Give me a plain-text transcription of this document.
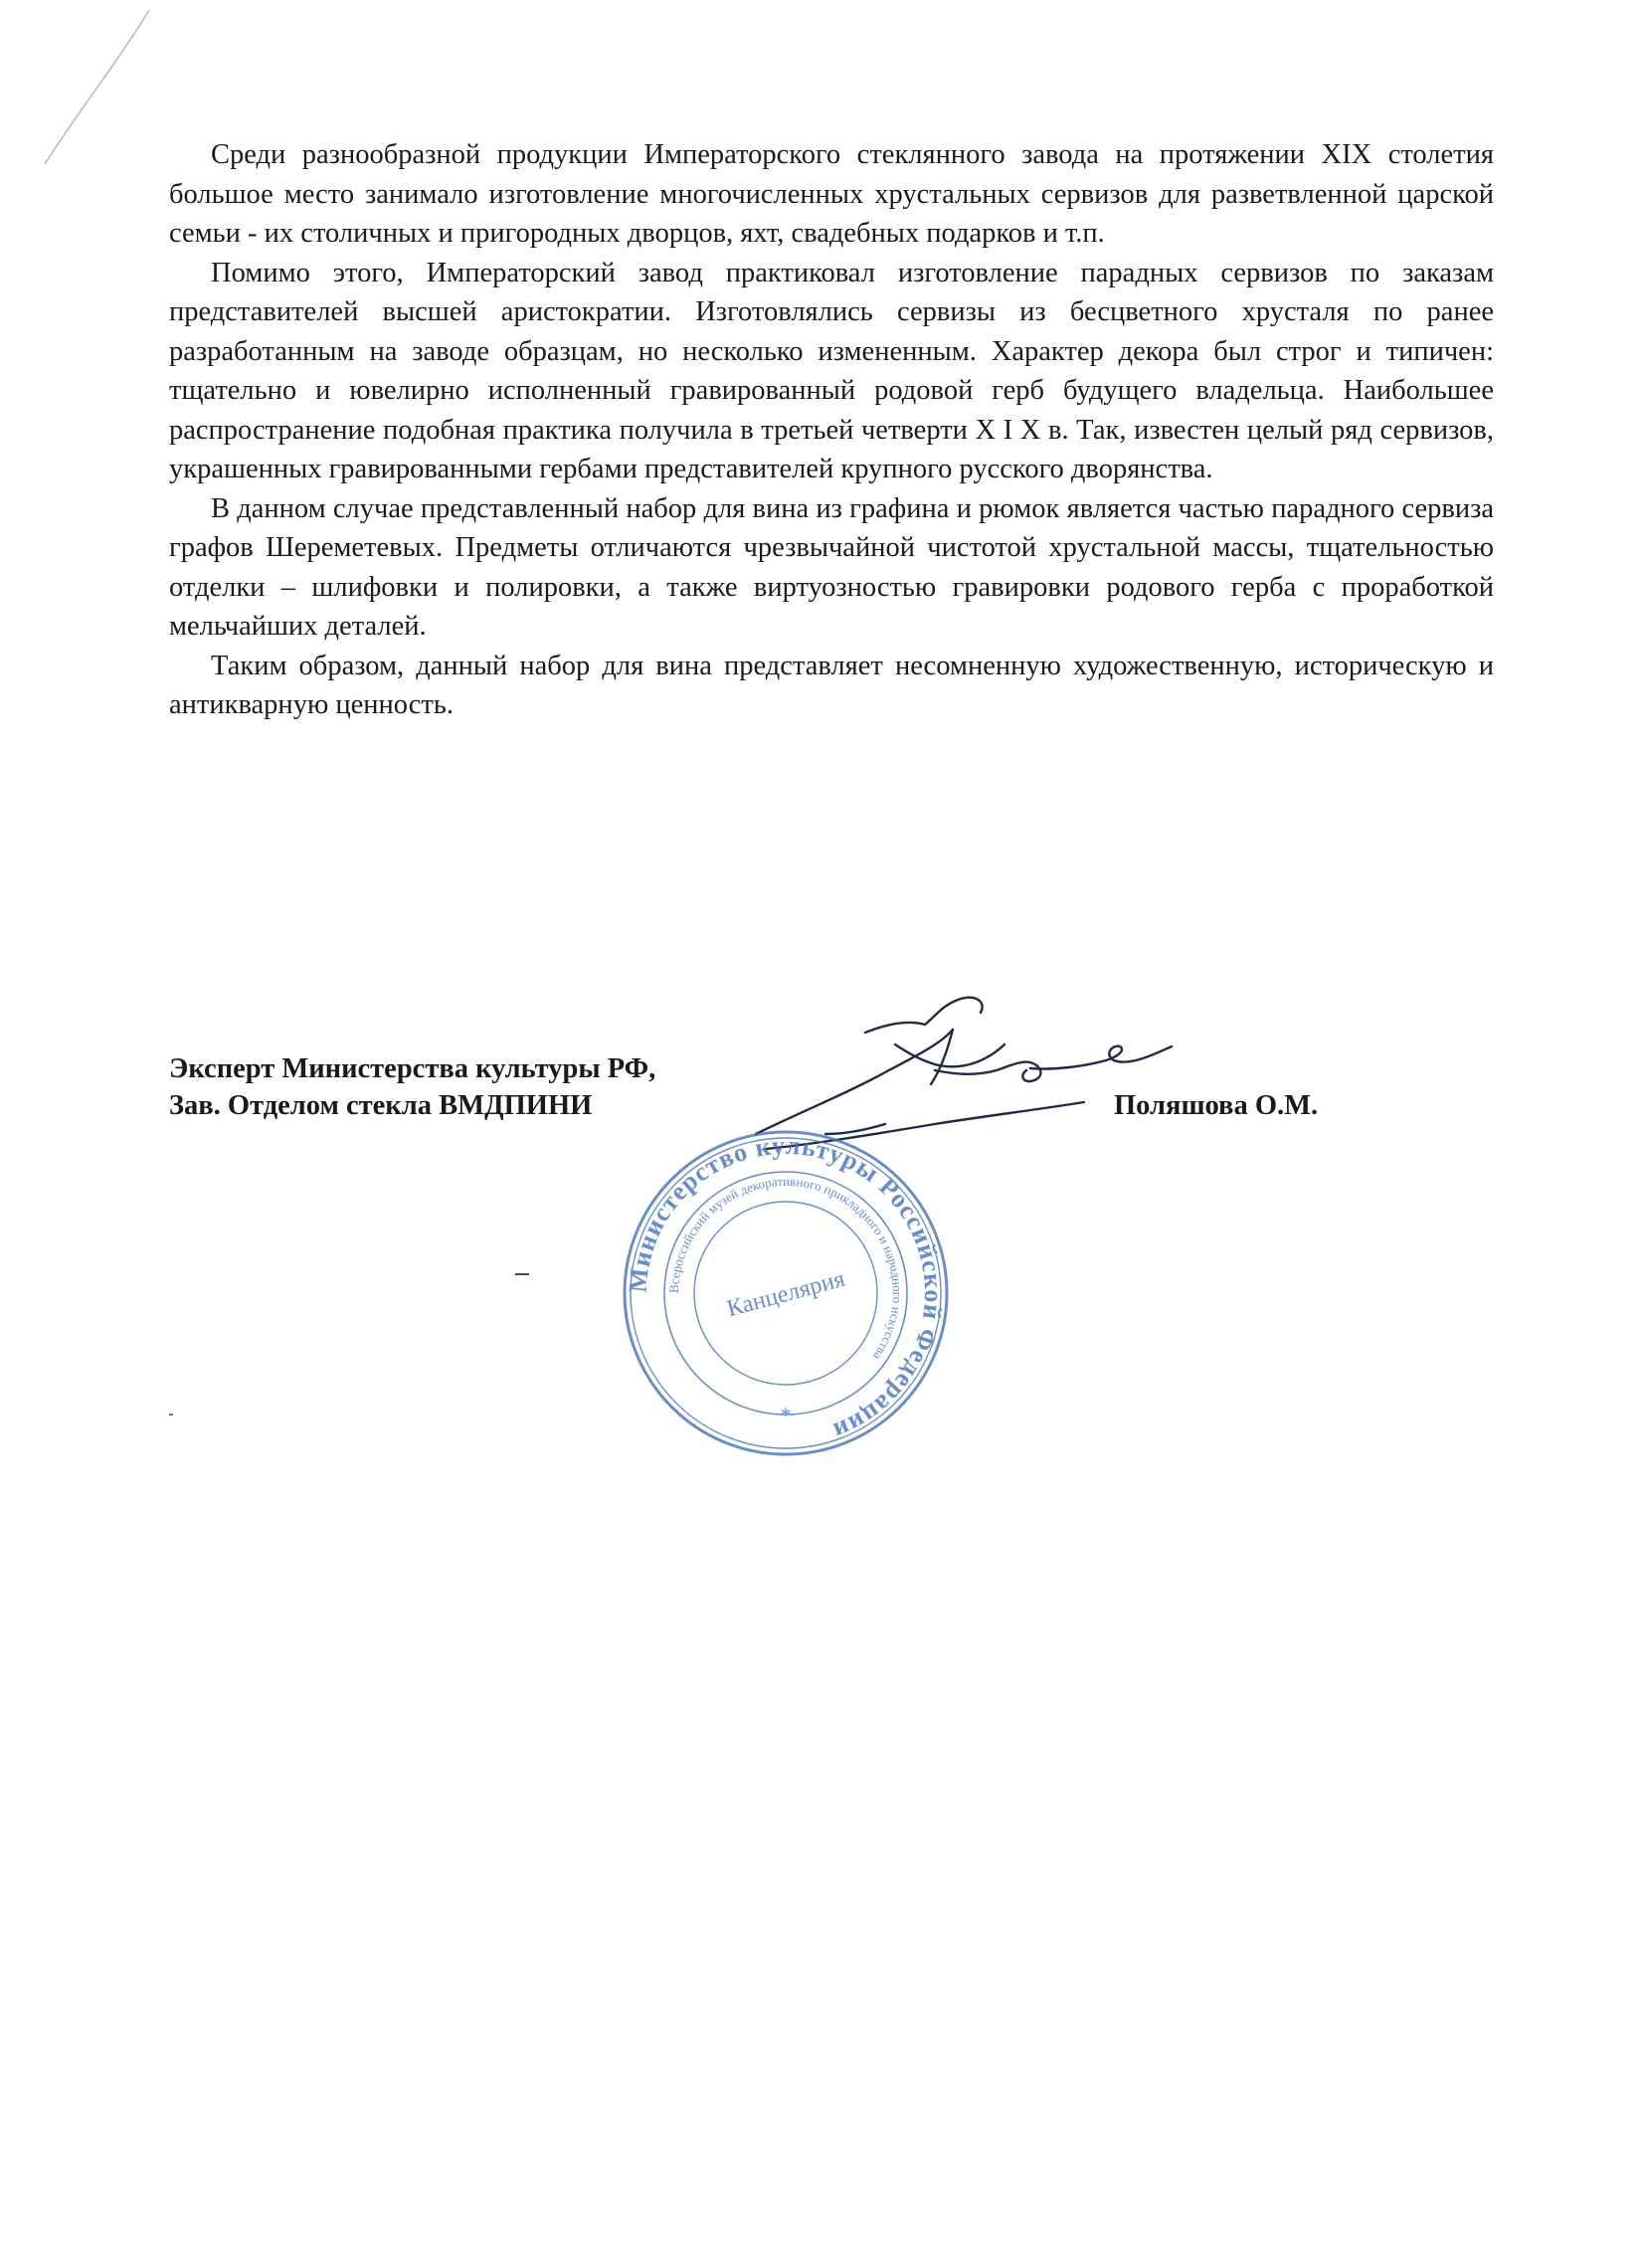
Среди разнообразной продукции Императорского стеклянного завода на протяжении XIX столетия большое место занимало изготовление многочисленных хрустальных сервизов для разветвленной царской семьи - их столичных и пригородных дворцов, яхт, свадебных подарков и т.п.

Помимо этого, Императорский завод практиковал изготовление парадных сервизов по заказам представителей высшей аристократии. Изготовлялись сервизы из бесцветного хрусталя по ранее разработанным на заводе образцам, но несколько измененным. Характер декора был строг и типичен: тщательно и ювелирно исполненный гравированный родовой герб будущего владельца. Наибольшее распространение подобная практика получила в третьей четверти X I X в. Так, известен целый ряд сервизов, украшенных гравированными гербами представителей крупного русского дворянства.

В данном случае представленный набор для вина из графина и рюмок является частью парадного сервиза графов Шереметевых. Предметы отличаются чрезвычайной чистотой хрустальной массы, тщательностью отделки – шлифовки и полировки, а также виртуозностью гравировки родового герба с проработкой мельчайших деталей.

Таким образом, данный набор для вина представляет несомненную художественную, историческую и антикварную ценность.

Эксперт Министерства культуры РФ,
Зав. Отделом стекла ВМДПИНИ	Поляшова О.М.
Министерство культуры Российской Федерации
Всероссийский музей декоративного прикладного и народного искусства
Канцелярия
*
